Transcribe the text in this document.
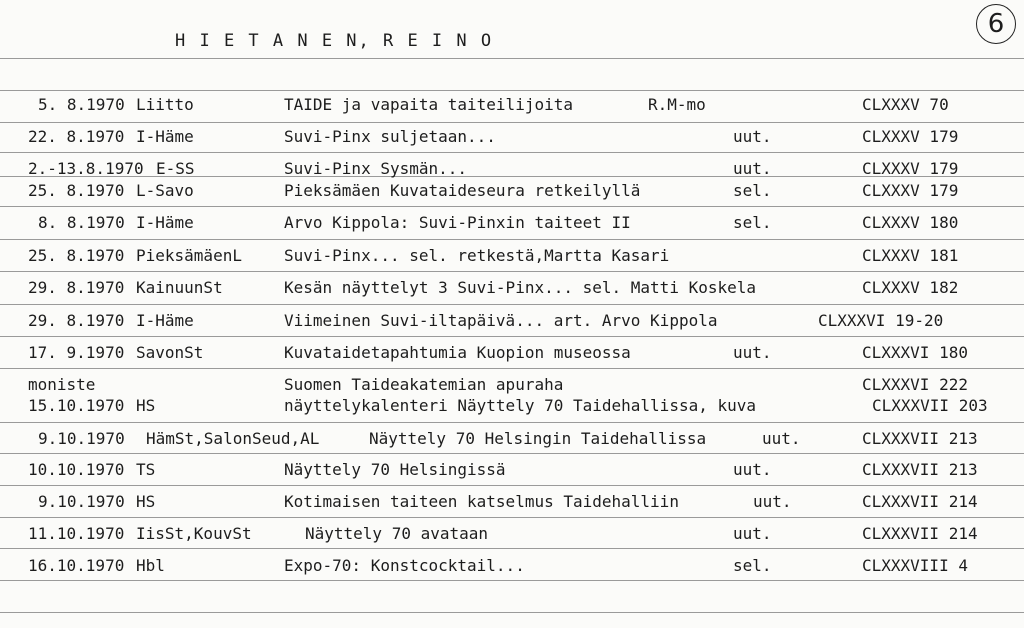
H I E T A N E N, R E I N O
6
5. 8.1970 Liitto	TAIDE ja vapaita taiteilijoita	R.M-mo	CLXXXV 70
22. 8.1970 I-Häme	Suvi-Pinx suljetaan...	uut.	CLXXXV 179
2.-13.8.1970 E-SS	Suvi-Pinx Sysmän...	uut.	CLXXXV 179
25. 8.1970 L-Savo	Pieksämäen Kuvataideseura retkeilyllä	sel.	CLXXXV 179
8. 8.1970 I-Häme	Arvo Kippola: Suvi-Pinxin taiteet II	sel.	CLXXXV 180
25. 8.1970 PieksämäenL	Suvi-Pinx... sel. retkestä,Martta Kasari	CLXXXV 181
29. 8.1970 KainuunSt	Kesän näyttelyt 3 Suvi-Pinx... sel. Matti Koskela	CLXXXV 182
29. 8.1970 I-Häme	Viimeinen Suvi-iltapäivä... art. Arvo Kippola	CLXXXVI 19-20
17. 9.1970 SavonSt	Kuvataidetapahtumia Kuopion museossa	uut.	CLXXXVI 180
moniste	Suomen Taideakatemian apuraha	CLXXXVI 222
15.10.1970 HS	näyttelykalenteri Näyttely 70 Taidehallissa, kuva	CLXXXVII 203
9.10.1970 HämSt,SalonSeud,AL	Näyttely 70 Helsingin Taidehallissa	uut.	CLXXXVII 213
10.10.1970 TS	Näyttely 70 Helsingissä	uut.	CLXXXVII 213
9.10.1970 HS	Kotimaisen taiteen katselmus Taidehalliin	uut.	CLXXXVII 214
11.10.1970 IisSt,KouvSt	Näyttely 70 avataan	uut.	CLXXXVII 214
16.10.1970 Hbl	Expo-70: Konstcocktail...	sel.	CLXXXVIII 4
